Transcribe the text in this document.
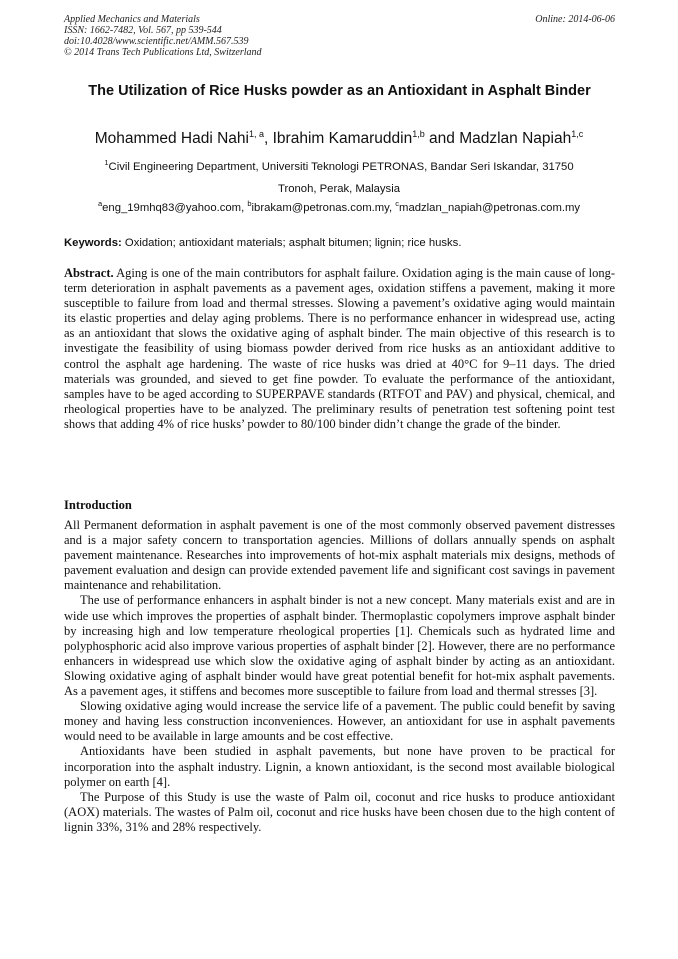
Applied Mechanics and Materials
ISSN: 1662-7482, Vol. 567, pp 539-544
doi:10.4028/www.scientific.net/AMM.567.539
© 2014 Trans Tech Publications Ltd, Switzerland
Online: 2014-06-06
The Utilization of Rice Husks powder as an Antioxidant in Asphalt Binder
Mohammed Hadi Nahi$^{1, a}$, Ibrahim Kamaruddin$^{1,b}$ and Madzlan Napiah$^{1,c}$
$^1$Civil Engineering Department, Universiti Teknologi PETRONAS, Bandar Seri Iskandar, 31750
Tronoh, Perak, Malaysia
$^a$eng_19mhq83@yahoo.com, $^b$ibrakam@petronas.com.my, $^c$madzlan_napiah@petronas.com.my
Keywords: Oxidation; antioxidant materials; asphalt bitumen; lignin; rice husks.
Abstract. Aging is one of the main contributors for asphalt failure. Oxidation aging is the main cause of long-term deterioration in asphalt pavements as a pavement ages, oxidation stiffens a pavement, making it more susceptible to failure from load and thermal stresses. Slowing a pavement’s oxidative aging would maintain its elastic properties and delay aging problems. There is no performance enhancer in widespread use, acting as an antioxidant that slows the oxidative aging of asphalt binder. The main objective of this research is to investigate the feasibility of using biomass powder derived from rice husks as an antioxidant additive to control the asphalt age hardening. The waste of rice husks was dried at 40°C for 9–11 days. The dried materials was grounded, and sieved to get fine powder. To evaluate the performance of the antioxidant, samples have to be aged according to SUPERPAVE standards (RTFOT and PAV) and physical, chemical, and rheological properties have to be analyzed. The preliminary results of penetration test softening point test shows that adding 4% of rice husks’ powder to 80/100 binder didn’t change the grade of the binder.
Introduction

All Permanent deformation in asphalt pavement is one of the most commonly observed pavement distresses and is a major safety concern to transportation agencies. Millions of dollars annually spends on asphalt pavement maintenance. Researches into improvements of hot-mix asphalt materials mix designs, methods of pavement evaluation and design can provide extended pavement life and significant cost savings in pavement maintenance and rehabilitation.

The use of performance enhancers in asphalt binder is not a new concept. Many materials exist and are in wide use which improves the properties of asphalt binder. Thermoplastic copolymers improve asphalt binder by increasing high and low temperature rheological properties [1]. Chemicals such as hydrated lime and polyphosphoric acid also improve various properties of asphalt binder [2]. However, there are no performance enhancers in widespread use which slow the oxidative aging of asphalt binder by acting as an antioxidant. Slowing oxidative aging of asphalt binder would have great potential benefit for hot-mix asphalt pavements. As a pavement ages, it stiffens and becomes more susceptible to failure from load and thermal stresses [3].

Slowing oxidative aging would increase the service life of a pavement. The public could benefit by saving money and having less construction inconveniences. However, an antioxidant for use in asphalt pavements would need to be available in large amounts and be cost effective.

Antioxidants have been studied in asphalt pavements, but none have proven to be practical for incorporation into the asphalt industry. Lignin, a known antioxidant, is the second most available biological polymer on earth [4].

The Purpose of this Study is use the waste of Palm oil, coconut and rice husks to produce antioxidant (AOX) materials. The wastes of Palm oil, coconut and rice husks have been chosen due to the high content of lignin 33%, 31% and 28% respectively.
